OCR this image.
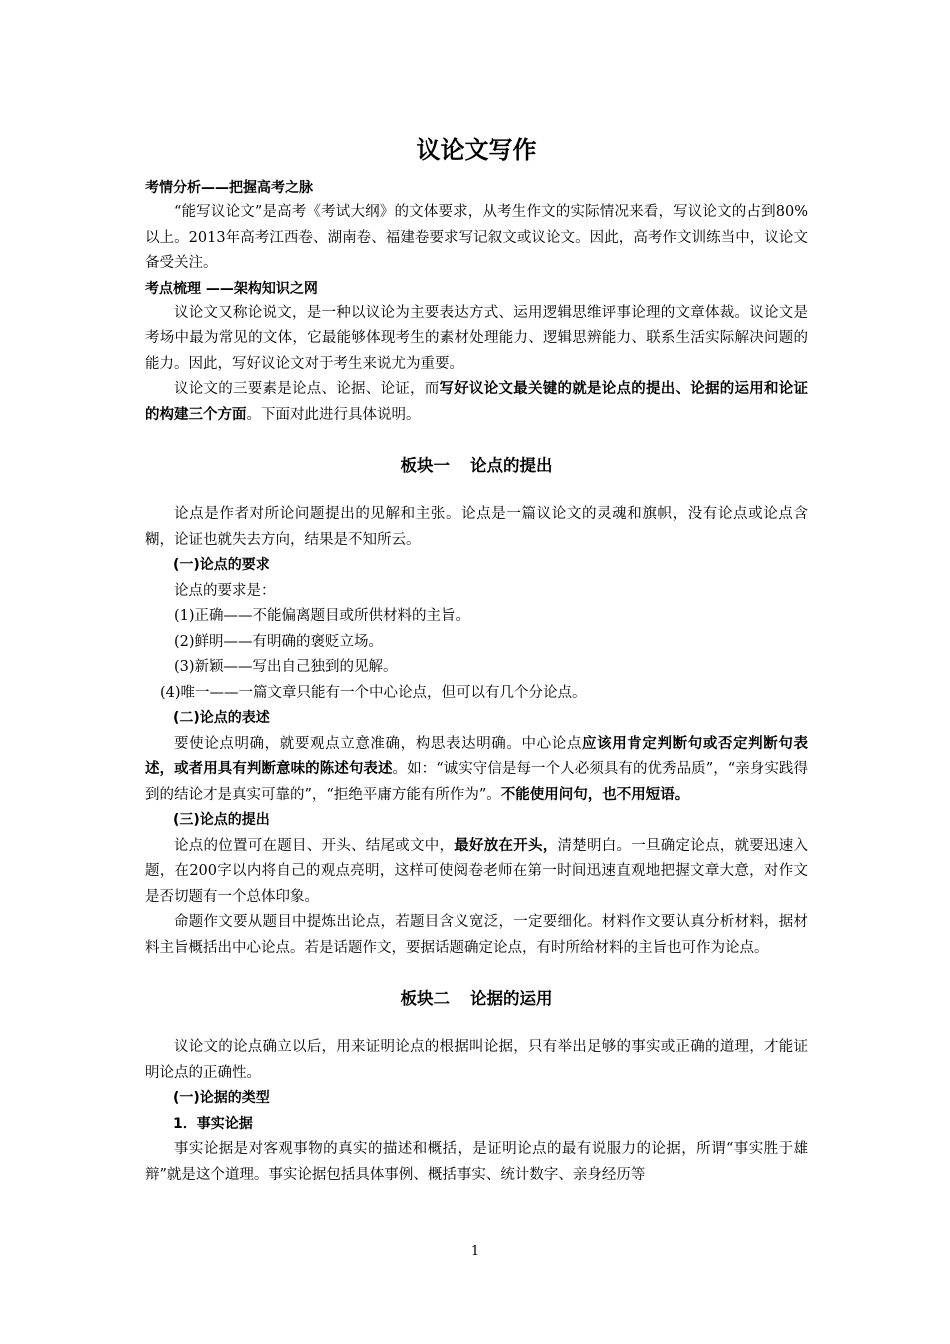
议论文写作
考情分析——把握高考之脉

“能写议论文”是高考《考试大纲》的文体要求，从考生作文的实际情况来看，写议论文的占到80%以上。2013年高考江西卷、湖南卷、福建卷要求写记叙文或议论文。因此，高考作文训练当中，议论文备受关注。

考点梳理 ——架构知识之网

议论文又称论说文，是一种以议论为主要表达方式、运用逻辑思维评事论理的文章体裁。议论文是考场中最为常见的文体，它最能够体现考生的素材处理能力、逻辑思辨能力、联系生活实际解决问题的能力。因此，写好议论文对于考生来说尤为重要。

议论文的三要素是论点、论据、论证，而写好议论文最关键的就是论点的提出、论据的运用和论证的构建三个方面。下面对此进行具体说明。

板块一 论点的提出

论点是作者对所论问题提出的见解和主张。论点是一篇议论文的灵魂和旗帜，没有论点或论点含糊，论证也就失去方向，结果是不知所云。

(一)论点的要求
论点的要求是：
(1)正确——不能偏离题目或所供材料的主旨。
(2)鲜明——有明确的褒贬立场。
(3)新颖——写出自己独到的见解。
(4)唯一——一篇文章只能有一个中心论点，但可以有几个分论点。
(二)论点的表述

要使论点明确，就要观点立意准确，构思表达明确。中心论点应该用肯定判断句或否定判断句表述，或者用具有判断意味的陈述句表述。如：“诚实守信是每一个人必须具有的优秀品质”，“亲身实践得到的结论才是真实可靠的”，“拒绝平庸方能有所作为”。不能使用问句，也不用短语。

(三)论点的提出

论点的位置可在题目、开头、结尾或文中，最好放在开头，清楚明白。一旦确定论点，就要迅速入题，在200字以内将自己的观点亮明，这样可使阅卷老师在第一时间迅速直观地把握文章大意，对作文是否切题有一个总体印象。

命题作文要从题目中提炼出论点，若题目含义宽泛，一定要细化。材料作文要认真分析材料，据材料主旨概括出中心论点。若是话题作文，要据话题确定论点，有时所给材料的主旨也可作为论点。

板块二 论据的运用

议论文的论点确立以后，用来证明论点的根据叫论据，只有举出足够的事实或正确的道理，才能证明论点的正确性。

(一)论据的类型
1．事实论据

事实论据是对客观事物的真实的描述和概括，是证明论点的最有说服力的论据，所谓“事实胜于雄辩”就是这个道理。事实论据包括具体事例、概括事实、统计数字、亲身经历等

1
